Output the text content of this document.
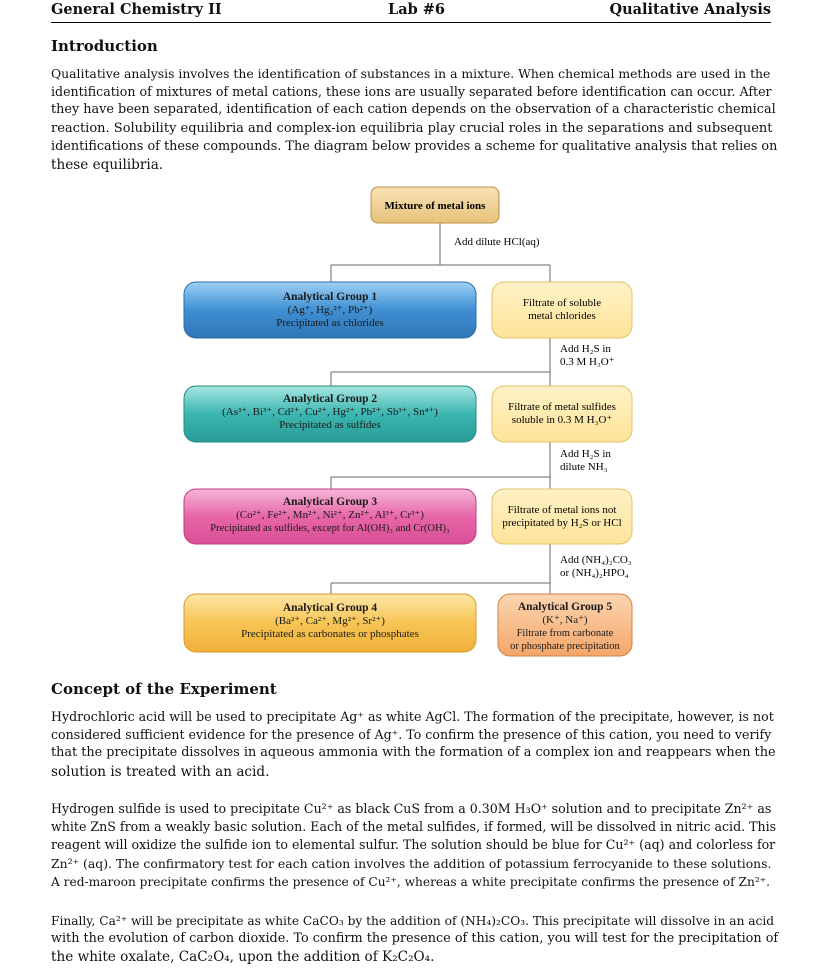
General Chemistry II	Lab #6	Qualitative Analysis
Introduction
Qualitative analysis involves the identification of substances in a mixture. When chemical methods are used in the
identification of mixtures of metal cations, these ions are usually separated before identification can occur. After
they have been separated, identification of each cation depends on the observation of a characteristic chemical
reaction. Solubility equilibria and complex-ion equilibria play crucial roles in the separations and subsequent
identifications of these compounds. The diagram below provides a scheme for qualitative analysis that relies on
these equilibria.
Mixture of metal ions
Add dilute HCl(aq)
Analytical Group 1
(Ag⁺, Hg₂²⁺, Pb²⁺)
Precipitated as chlorides
Filtrate of soluble
metal chlorides
Add H₂S in
0.3 M H₃O⁺
Analytical Group 2
(As³⁺, Bi³⁺, Cd²⁺, Cu²⁺, Hg²⁺, Pb²⁺, Sb³⁺, Sn⁴⁺)
Precipitated as sulfides
Filtrate of metal sulfides
soluble in 0.3 M H₃O⁺
Add H₂S in
dilute NH₃
Analytical Group 3
(Co²⁺, Fe²⁺, Mn²⁺, Ni²⁺, Zn²⁺, Al³⁺, Cr³⁺)
Precipitated as sulfides, except for Al(OH)₃ and Cr(OH)₃
Filtrate of metal ions not
precipitated by H₂S or HCl
Add (NH₄)₂CO₃
or (NH₄)₂HPO₄
Analytical Group 4
(Ba²⁺, Ca²⁺, Mg²⁺, Sr²⁺)
Precipitated as carbonates or phosphates
Analytical Group 5
(K⁺, Na⁺)
Filtrate from carbonate
or phosphate precipitation
Concept of the Experiment
Hydrochloric acid will be used to precipitate Ag⁺ as white AgCl. The formation of the precipitate, however, is not
considered sufficient evidence for the presence of Ag⁺. To confirm the presence of this cation, you need to verify
that the precipitate dissolves in aqueous ammonia with the formation of a complex ion and reappears when the
solution is treated with an acid.
Hydrogen sulfide is used to precipitate Cu²⁺ as black CuS from a 0.30M H₃O⁺ solution and to precipitate Zn²⁺ as
white ZnS from a weakly basic solution. Each of the metal sulfides, if formed, will be dissolved in nitric acid. This
reagent will oxidize the sulfide ion to elemental sulfur. The solution should be blue for Cu²⁺ (aq) and colorless for
Zn²⁺ (aq). The confirmatory test for each cation involves the addition of potassium ferrocyanide to these solutions.
A red-maroon precipitate confirms the presence of Cu²⁺, whereas a white precipitate confirms the presence of Zn²⁺.
Finally, Ca²⁺ will be precipitate as white CaCO₃ by the addition of (NH₄)₂CO₃. This precipitate will dissolve in an acid
with the evolution of carbon dioxide. To confirm the presence of this cation, you will test for the precipitation of
the white oxalate, CaC₂O₄, upon the addition of K₂C₂O₄.
